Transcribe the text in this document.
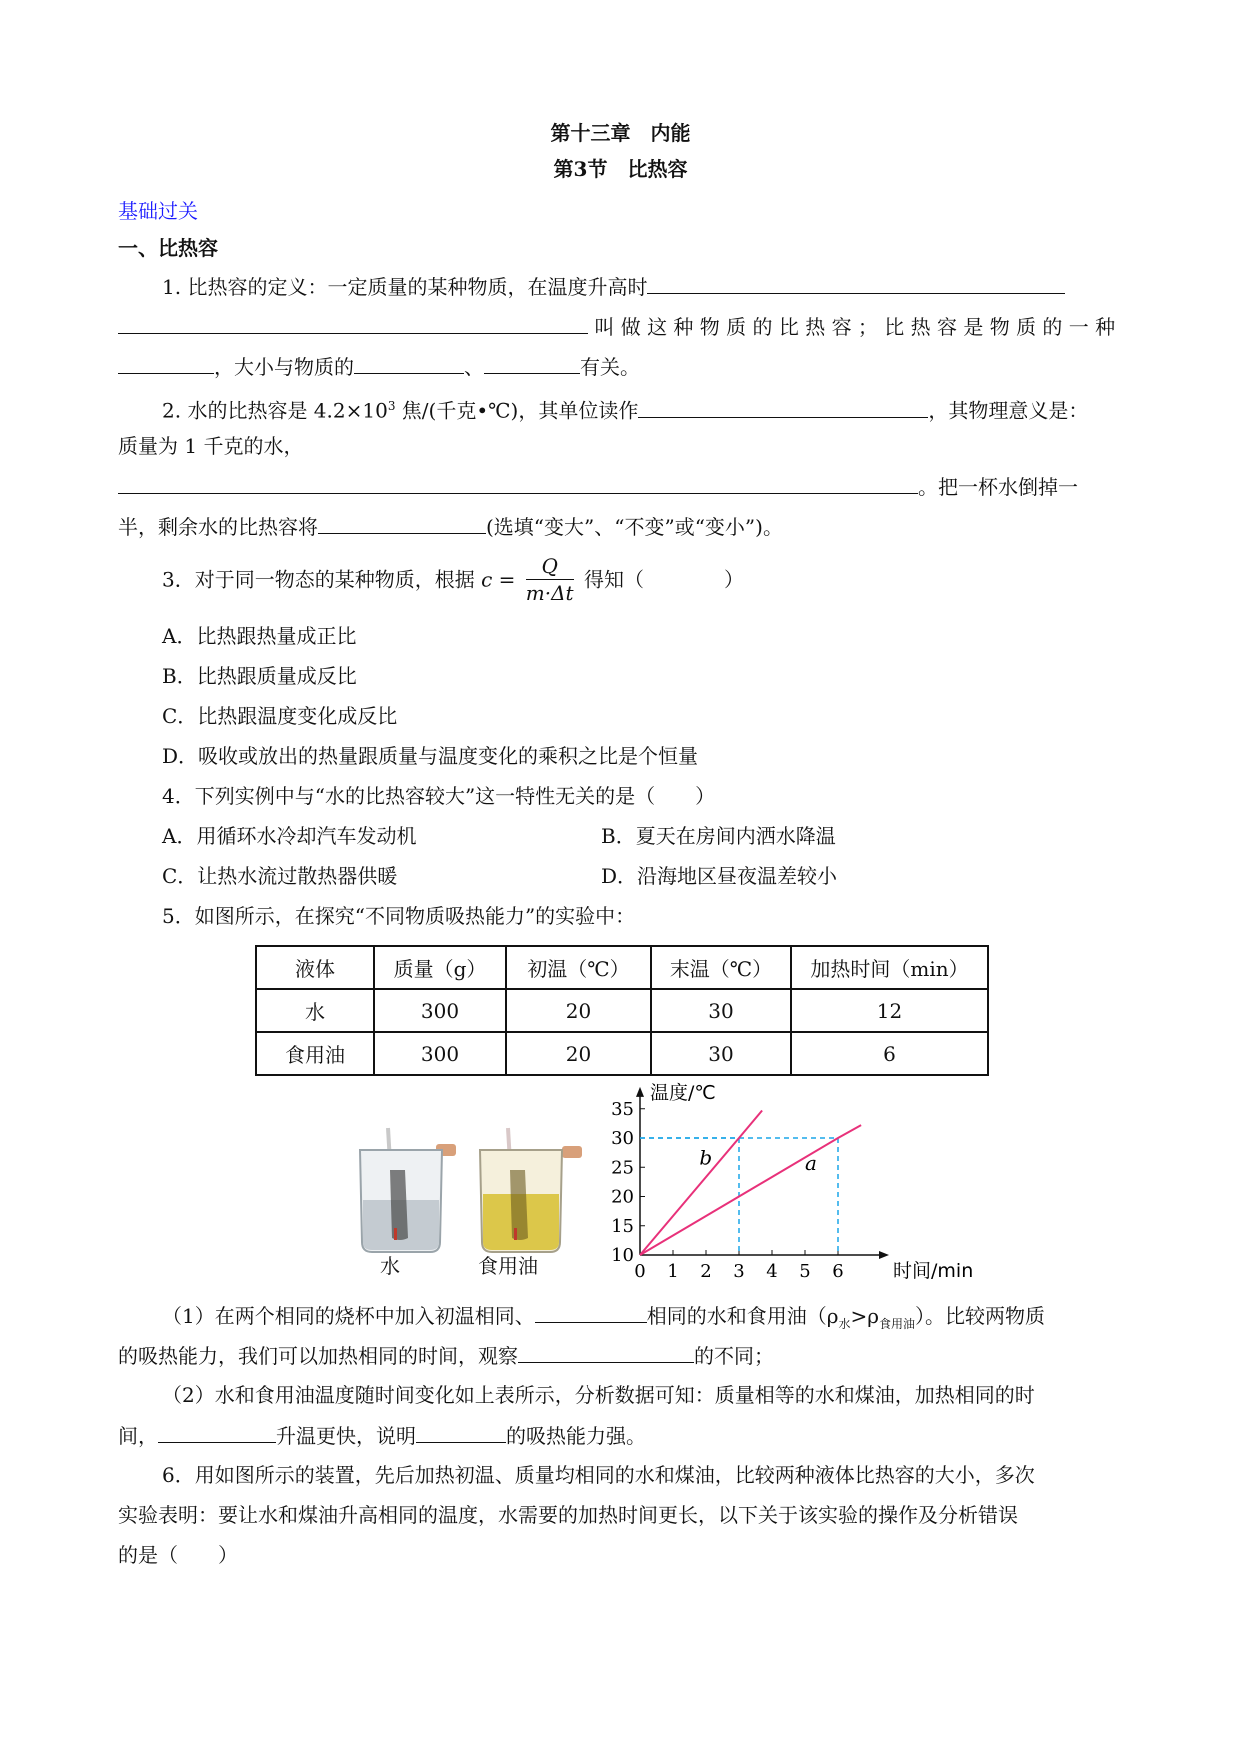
第十三章　内能
第3节　比热容
基础过关
一、比热容
1. 比热容的定义：一定质量的某种物质，在温度升高时
叫 做 这 种 物 质 的 比 热 容 ； 比 热 容 是 物 质 的 一 种
，大小与物质的	、	有关。
2. 水的比热容是 $4.2\times 10^3$ 焦/(千克•℃)，其单位读作	，其物理意义是：
质量为 1 千克的水，
。把一杯水倒掉一
半，剩余水的比热容将	(选填“变大”、“不变”或“变小”)。
3．对于同一物态的某种物质，根据 $c = \frac{Q}{m\cdot\Delta t}$ 得知（　　　　）
A．比热跟热量成正比
B．比热跟质量成反比
C．比热跟温度变化成反比
D．吸收或放出的热量跟质量与温度变化的乘积之比是个恒量
4．下列实例中与“水的比热容较大”这一特性无关的是（　　）
A．用循环水冷却汽车发动机	B．夏天在房间内洒水降温
C．让热水流过散热器供暖	D．沿海地区昼夜温差较小
5．如图所示，在探究“不同物质吸热能力”的实验中：
液体	质量（g）	初温（℃）	末温（℃）	加热时间（min）
水	300	20	30	12
食用油	300	20	30	6
水	食用油	0 1 2 3 4 5 6
10
15
20
25
30
35
时间/min
温度/℃
a
b
（1）在两个相同的烧杯中加入初温相同、	相同的水和食用油$(\rho_水>\rho_{食用油})$。比较两物质
的吸热能力，我们可以加热相同的时间，观察	的不同；
（2）水和食用油温度随时间变化如上表所示，分析数据可知：质量相等的水和煤油，加热相同的时
间，	升温更快，说明	的吸热能力强。
6．用如图所示的装置，先后加热初温、质量均相同的水和煤油，比较两种液体比热容的大小，多次
实验表明：要让水和煤油升高相同的温度，水需要的加热时间更长，以下关于该实验的操作及分析错误
的是（　　）
